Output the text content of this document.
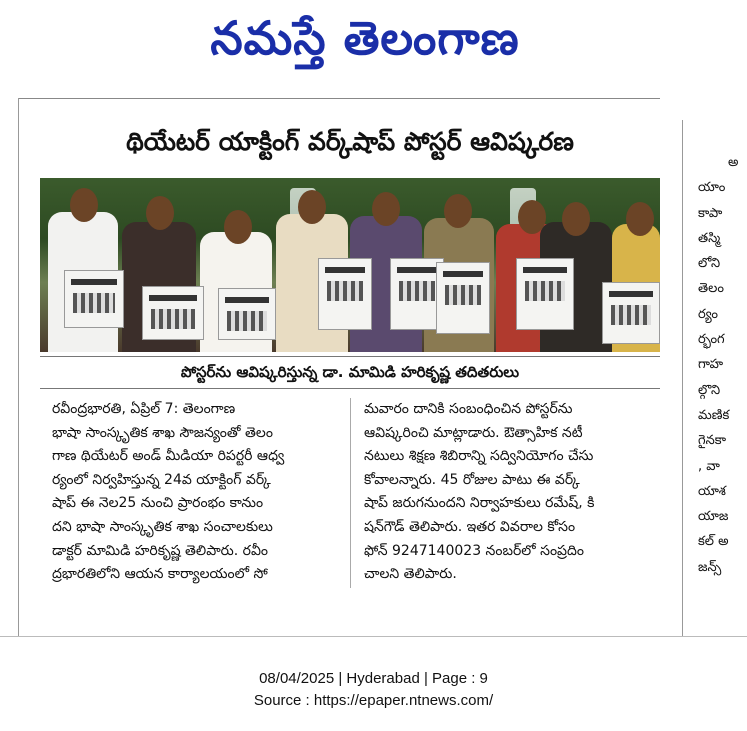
నమస్తే తెలంగాణ
థియేటర్ యాక్టింగ్ వర్క్‌షాప్ పోస్టర్ ఆవిష్కరణ
పోస్టర్‌ను ఆవిష్కరిస్తున్న డా. మామిడి హరికృష్ణ తదితరులు
రవీంద్రభారతి, ఏప్రిల్ 7: తెలంగాణ
భాషా సాంస్కృతిక శాఖ సౌజన్యంతో తెలం
గాణ థియేటర్ అండ్ మీడియా రిపర్టరీ ఆధ్వ
ర్యంలో నిర్వహిస్తున్న 24వ యాక్టింగ్ వర్క్
షాప్ ఈ నెల25 నుంచి ప్రారంభం కానుం
దని భాషా సాంస్కృతిక శాఖ సంచాలకులు
డాక్టర్ మామిడి హరికృష్ణ తెలిపారు. రవీం
ద్రభారతిలోని ఆయన కార్యాలయంలో సో
మవారం దానికి సంబంధించిన పోస్టర్‌ను
ఆవిష్కరించి మాట్లాడారు. ఔత్సాహిక నటీ
నటులు శిక్షణ శిబిరాన్ని సద్వినియోగం చేసు
కోవాలన్నారు. 45 రోజుల పాటు ఈ వర్క్
షాప్ జరుగనుందని నిర్వాహకులు రమేష్, కి
షన్‌గౌడ్ తెలిపారు. ఇతర వివరాల కోసం
ఫోన్ 9247140023 నంబర్‌లో సంప్రదిం
చాలని తెలిపారు.
అ
యాం
కాపా
తస్మి
లోని
తెలం
ర్యం
ర్భంగ
గాహ
ల్గొని
మణిక
గైనకా
, వా
యాశ
యాజ
కల్ అ
జన్స్
08/04/2025 | Hyderabad | Page : 9
Source : https://epaper.ntnews.com/
